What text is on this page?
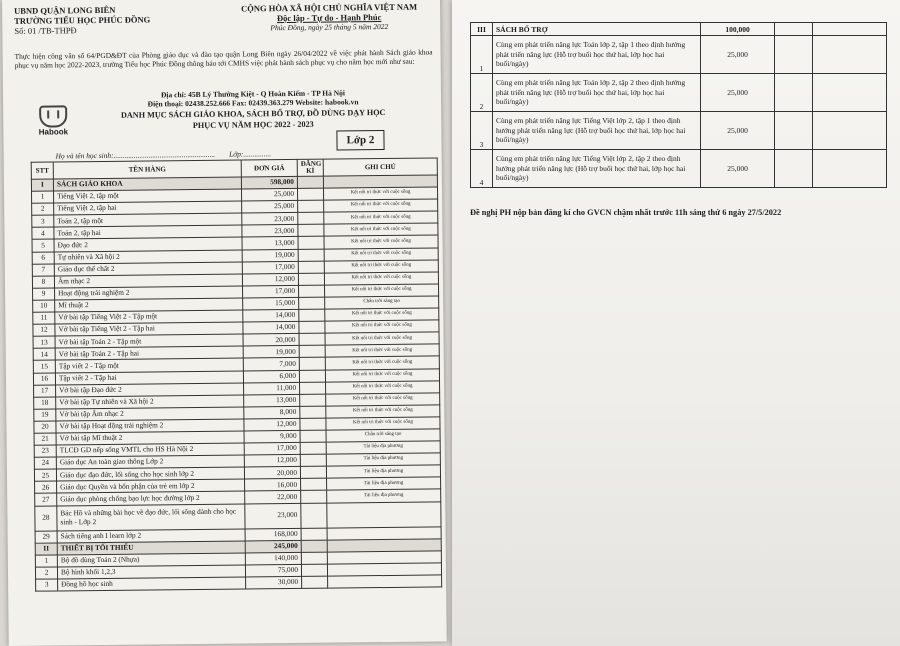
UBND QUẬN LONG BIÊN
TRƯỜNG TIỂU HỌC PHÚC ĐỒNG
Số: 01 /TB-THPĐ
CỘNG HÒA XÃ HỘI CHỦ NGHĨA VIỆT NAM
Độc lập - Tự do - Hạnh Phúc
Phúc Đồng, ngày 25 tháng 5 năm 2022
Thực hiện công văn số 64/PGD&ĐT của Phòng giáo dục và đào tạo quận Long Biên ngày 26/04/2022 về việc phát hành Sách giáo khoa phục vụ năm học 2022-2023, trường Tiểu học Phúc Đồng thông báo tới CMHS việc phát hành sách phục vụ cho năm học mới như sau:
Địa chỉ: 45B Lý Thường Kiệt - Q Hoàn Kiếm - TP Hà Nội
Điện thoại: 02438.252.666 Fax: 02439.363.279 Website: habook.vn
Habook
DANH MỤC SÁCH GIÁO KHOA, SÁCH BỔ TRỢ, ĐỒ DÙNG DẠY HỌC
PHỤC VỤ NĂM HỌC 2022 - 2023
Lớp 2
Họ và tên học sinh:....................................................... Lớp:...............
STT	TÊN HÀNG	ĐƠN GIÁ	ĐĂNG KÍ	GHI CHÚ
I	SÁCH GIÁO KHOA	598,000		
1	Tiếng Việt 2, tập một	25,000		Kết nối tri thức với cuộc sống
2	Tiếng Việt 2, tập hai	25,000		Kết nối tri thức với cuộc sống
3	Toán 2, tập một	23,000		Kết nối tri thức với cuộc sống
4	Toán 2, tập hai	23,000		Kết nối tri thức với cuộc sống
5	Đạo đức 2	13,000		Kết nối tri thức với cuộc sống
6	Tự nhiên và Xã hội 2	19,000		Kết nối tri thức với cuộc sống
7	Giáo dục thể chất 2	17,000		Kết nối tri thức với cuộc sống
8	Âm nhạc 2	12,000		Kết nối tri thức với cuộc sống
9	Hoạt động trải nghiệm 2	17,000		Kết nối tri thức với cuộc sống
10	Mĩ thuật 2	15,000		Chân trời sáng tạo
11	Vở bài tập Tiếng Việt 2 - Tập một	14,000		Kết nối tri thức với cuộc sống
12	Vở bài tập Tiếng Việt 2 - Tập hai	14,000		Kết nối tri thức với cuộc sống
13	Vở bài tập Toán 2 - Tập một	20,000		Kết nối tri thức với cuộc sống
14	Vở bài tập Toán 2 - Tập hai	19,000		Kết nối tri thức với cuộc sống
15	Tập viết 2 - Tập một	7,000		Kết nối tri thức với cuộc sống
16	Tập viết 2 - Tập hai	6,000		Kết nối tri thức với cuộc sống
17	Vở bài tập Đạo đức 2	11,000		Kết nối tri thức với cuộc sống
18	Vở bài tập Tự nhiên và Xã hội 2	13,000		Kết nối tri thức với cuộc sống
19	Vở bài tập Âm nhạc 2	8,000		Kết nối tri thức với cuộc sống
20	Vở bài tập Hoạt động trải nghiệm 2	12,000		Kết nối tri thức với cuộc sống
21	Vở bài tập Mĩ thuật 2	9,000		Chân trời sáng tạo
23	TLCĐ GD nếp sống VMTL cho HS Hà Nội 2	17,000		Tài liệu địa phương
24	Giáo dục An toàn giao thông Lớp 2	12,000		Tài liệu địa phương
25	Giáo dục đạo đức, lối sống cho học sinh lớp 2	20,000		Tài liệu địa phương
26	Giáo dục Quyền và bổn phận của trẻ em lớp 2	16,000		Tài liệu địa phương
27	Giáo dục phòng chống bạo lực học đường lớp 2	22,000		Tài liệu địa phương
28	Bác Hồ và những bài học về đạo đức, lối sống dành cho học sinh - Lớp 2	23,000		
29	Sách tiếng anh I learn lớp 2	168,000		
II	THIẾT BỊ TỐI THIỂU	245,000		
1	Bộ đồ dùng Toán 2 (Nhựa)	140,000		
2	Bộ hình khối 1,2,3	75,000		
3	Đồng hồ học sinh	30,000		
III	SÁCH BỔ TRỢ	100,000		
1	Cùng em phát triển năng lực Toán lớp 2, tập 1 theo định hướng phát triển năng lực (Hỗ trợ buổi học thứ hai, lớp học hai buổi/ngày)	25,000		
2	Cùng em phát triển năng lực Toán lớp 2, tập 2 theo định hướng phát triển năng lực (Hỗ trợ buổi học thứ hai, lớp học hai buổi/ngày)	25,000		
3	Cùng em phát triển năng lực Tiếng Việt lớp 2, tập 1 theo định hướng phát triển năng lực (Hỗ trợ buổi học thứ hai, lớp học hai buổi/ngày)	25,000		
4	Cùng em phát triển năng lực Tiếng Việt lớp 2, tập 2 theo định hướng phát triển năng lực (Hỗ trợ buổi học thứ hai, lớp học hai buổi/ngày)	25,000		
Đề nghị PH nộp bản đăng kí cho GVCN chậm nhất trước 11h sáng thứ 6 ngày 27/5/2022
